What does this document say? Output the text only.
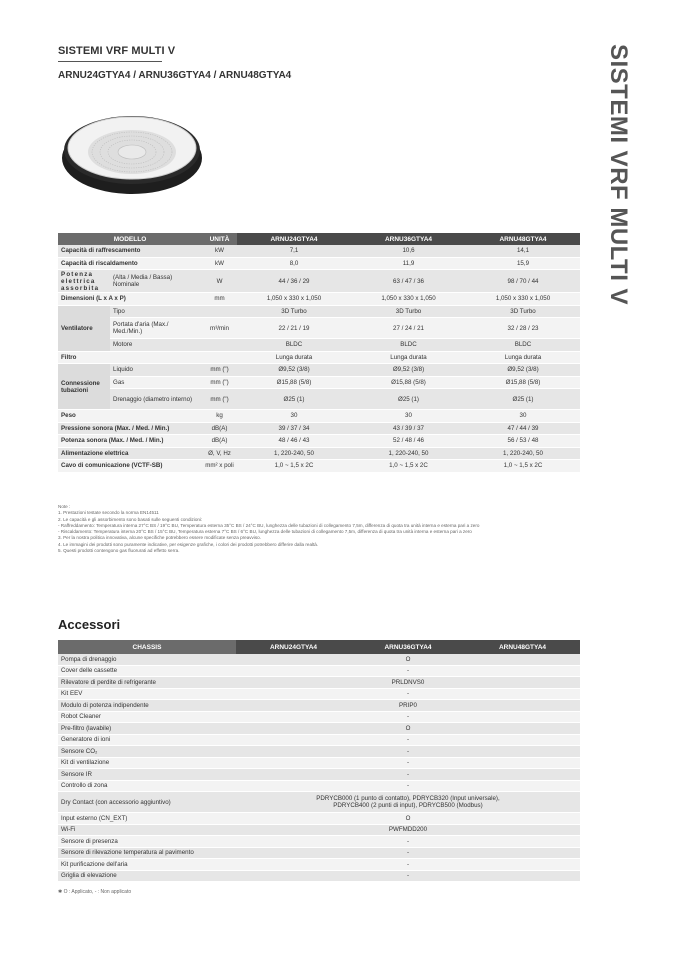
SISTEMI VRF MULTI V
ARNU24GTYA4 / ARNU36GTYA4 / ARNU48GTYA4	SISTEMI VRF MULTI V
MODELLO		UNITÀ	ARNU24GTYA4	ARNU36GTYA4	ARNU48GTYA4
Capacità di raffrescamento		kW	7,1	10,6	14,1
Capacità di riscaldamento		kW	8,0	11,9	15,9
Potenza elettrica assorbita	(Alta / Media / Bassa) Nominale	W	44 / 36 / 29	63 / 47 / 36	98 / 70 / 44
Dimensioni (L x A x P)		mm	1,050 x 330 x 1,050	1,050 x 330 x 1,050	1,050 x 330 x 1,050
Ventilatore	Tipo		3D Turbo	3D Turbo	3D Turbo
	Portata d'aria (Max./ Med./Min.)	m³/min	22 / 21 / 19	27 / 24 / 21	32 / 28 / 23
	Motore		BLDC	BLDC	BLDC
Filtro			Lunga durata	Lunga durata	Lunga durata
Connessione tubazioni	Liquido	mm (")	Ø9,52 (3/8)	Ø9,52 (3/8)	Ø9,52 (3/8)
	Gas	mm (")	Ø15,88 (5/8)	Ø15,88 (5/8)	Ø15,88 (5/8)
	Drenaggio (diametro interno)	mm (")	Ø25 (1)	Ø25 (1)	Ø25 (1)
Peso		kg	30	30	30
Pressione sonora (Max. / Med. / Min.)		dB(A)	39 / 37 / 34	43 / 39 / 37	47 / 44 / 39
Potenza sonora (Max. / Med. / Min.)		dB(A)	48 / 46 / 43	52 / 48 / 46	56 / 53 / 48
Alimentazione elettrica		Ø, V, Hz	1, 220-240, 50	1, 220-240, 50	1, 220-240, 50
Cavo di comunicazione (VCTF-SB)		mm² x poli	1,0 ~ 1,5 x 2C	1,0 ~ 1,5 x 2C	1,0 ~ 1,5 x 2C
Note :
1. Prestazioni testate secondo la norma EN14511
2. Le capacità e gli assorbimento sono basati sulle seguenti condizioni:
- Raffreddamento: Temperatura interna 27°C BS / 19°C BU, Temperatura esterna 35°C BS / 24°C BU, lunghezza delle tubazioni di collegamento 7,5m, differenza di quota tra unità interna e esterna pari a zero
- Riscaldamento: Temperatura interna 20°C BS / 15°C BU, Temperatura esterna 7°C BS / 6°C BU, lunghezza delle tubazioni di collegamento 7,5m, differenza di quota tra unità interna e esterna pari a zero
3. Per la nostra politica innovativa, alcune specifiche potrebbero essere modificate senza preavviso.
4. Le immagini dei prodotti sono puramente indicative, per esigenze grafiche, i colori dei prodotti potrebbero differire dalla realtà.
5. Questi prodotti contengono gas fluorurati ad effetto serra.
Accessori
CHASSIS	ARNU24GTYA4	ARNU36GTYA4	ARNU48GTYA4
Pompa di drenaggio	O		
Cover delle cassette	-		
Rilevatore di perdite di refrigerante	PRLDNVS0		
Kit EEV	-		
Modulo di potenza indipendente	PRIP0		
Robot Cleaner	-		
Pre-filtro (lavabile)	O		
Generatore di ioni	-		
Sensore CO₂	-		
Kit di ventilazione	-		
Sensore IR	-		
Controllo di zona	-		
Dry Contact (con accessorio aggiuntivo)	PDRYCB000 (1 punto di contatto), PDRYCB320 (Input universale),
PDRYCB400 (2 punti di input), PDRYCB500 (Modbus)		

Input esterno (CN_EXT)	O		
Wi-Fi	PWFMDD200		
Sensore di presenza	-		
Sensore di rilevazione temperatura al pavimento	-		
Kit purificazione dell'aria	-		
Griglia di elevazione	-		
✱ O : Applicato, - : Non applicato
